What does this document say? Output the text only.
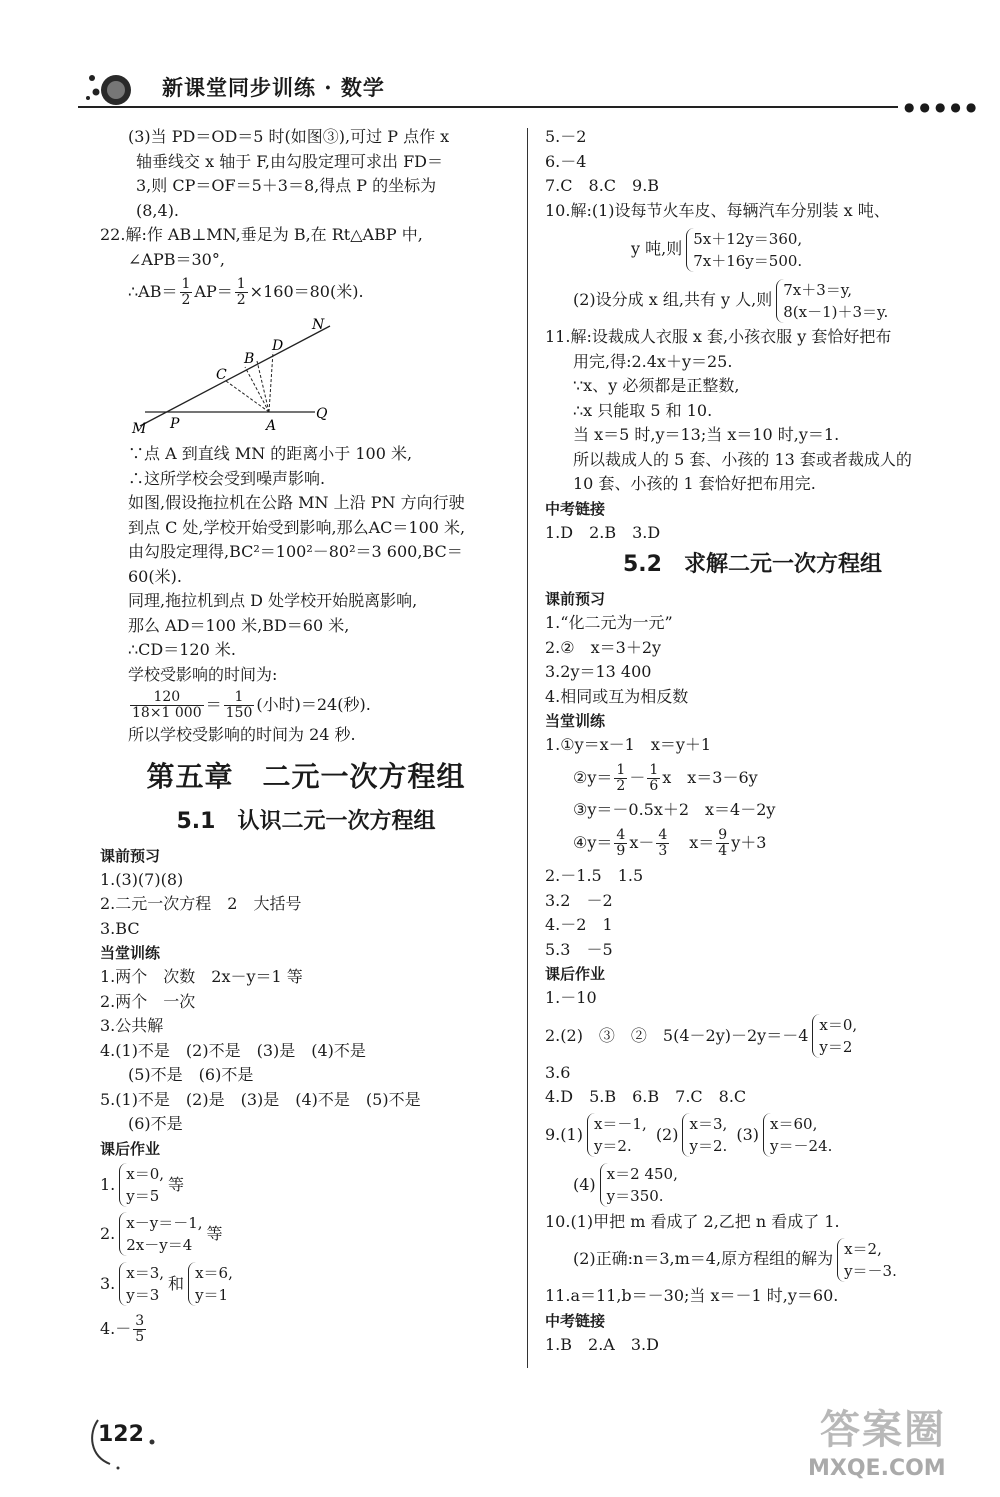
新课堂同步训练 · 数学
●●●●●
(3)当 PD＝OD＝5 时(如图③),可过 P 点作 x
轴垂线交 x 轴于 F,由勾股定理可求出 FD＝
3,则 CP＝OF＝5＋3＝8,得点 P 的坐标为
(8,4).
22.解:作 AB⊥MN,垂足为 B,在 Rt△ABP 中,
∠APB＝30°,
∴AB＝ $\frac{1}{2} AP= \frac{1}{2} \times 160=80$(米).
N
D
B
C
M P	A
Q
∵点 A 到直线 MN 的距离小于 100 米,
∴这所学校会受到噪声影响.
如图,假设拖拉机在公路 MN 上沿 PN 方向行驶
到点 C 处,学校开始受到影响,那么AC＝100 米,
由勾股定理得,BC²＝100²－80²＝3 600,BC＝
60(米).
同理,拖拉机到点 D 处学校开始脱离影响,
那么 AD＝100 米,BD＝60 米,
∴CD＝120 米.
学校受影响的时间为:
$\frac{120}{18\times 1 000} = \frac{1}{150}$ (小时)＝24(秒).
所以学校受影响的时间为 24 秒.
第五章　二元一次方程组
5.1　认识二元一次方程组
课前预习
1.(3)(7)(8)
2.二元一次方程　2　大括号
3.BC
当堂训练
1.两个　次数　2x－y＝1 等
2.两个　一次
3.公共解
4.(1)不是　(2)不是　(3)是　(4)不是
(5)不是　(6)不是
5.(1)不是　(2)是　(3)是　(4)不是　(5)不是
(6)不是
课后作业
1.
x＝0,
y＝5
等
2.
x－y＝－1,
2x－y＝4
等
3.
x＝3,
y＝3
和
x＝6,
y＝1
$4.- \frac{3}{5}$
5.－2
6.－4
7.C　8.C　9.B
10.解:(1)设每节火车皮、每辆汽车分别装 x 吨、
y 吨,则
5x＋12y＝360,
7x＋16y＝500.
(2)设分成 x 组,共有 y 人,则
7x＋3＝y,
8(x－1)＋3＝y.
11.解:设裁成人衣服 x 套,小孩衣服 y 套恰好把布
用完,得:2.4x＋y＝25.
∵x、y 必须都是正整数,
∴x 只能取 5 和 10.
当 x＝5 时,y＝13;当 x＝10 时,y＝1.
所以裁成人的 5 套、小孩的 13 套或者裁成人的
10 套、小孩的 1 套恰好把布用完.
中考链接
1.D　2.B　3.D
5.2　求解二元一次方程组
课前预习
1.“化二元为一元”
2.②　x＝3＋2y
3.2y＝13 400
4.相同或互为相反数
当堂训练
1.①y＝x－1　x＝y＋1
②y＝ $\frac{1}{2} - \frac{1}{6}$ x　x＝3－6y
③y＝－0.5x＋2　x＝4－2y
④y＝ $\frac{4}{9} x- \frac{4}{3} x= \frac{9}{4} y+3$
2.－1.5　1.5
3.2　－2
4.－2　1
5.3　－5
课后作业
1.－10
2.(2)　③　②　5(4－2y)－2y＝－4
x＝0,
y＝2
3.6
4.D　5.B　6.B　7.C　8.C
9.(1)
x＝－1,
y＝2.
(2)
x＝3,
y＝2.
(3)
x＝60,
y＝－24.
(4)
x＝2 450,
y＝350.
10.(1)甲把 m 看成了 2,乙把 n 看成了 1.
(2)正确:n＝3,m＝4,原方程组的解为
x＝2,
y＝－3.
11.a＝11,b＝－30;当 x＝－1 时,y＝60.
中考链接
1.B　2.A　3.D
122	答案圈
MXQE.COM
